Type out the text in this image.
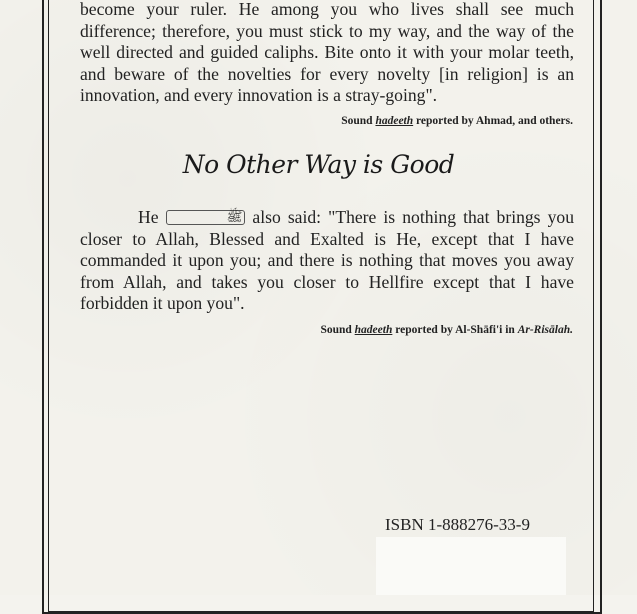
become your ruler. He among you who lives shall see much difference; therefore, you must stick to my way, and the way of the well directed and guided caliphs. Bite onto it with your molar teeth, and beware of the novelties for every novelty [in religion] is an innovation, and every innovation is a stray-going".
Sound hadeeth reported by Ahmad, and others.
No Other Way is Good
He	ﷺ also said: "There is nothing that brings you closer to Allah, Blessed and Exalted is He, except that I have commanded it upon you; and there is nothing that moves you away from Allah, and takes you closer to Hellfire except that I have forbidden it upon you".
Sound hadeeth reported by Al-Shāfi'i in Ar-Risālah.
ISBN 1-888276-33-9
